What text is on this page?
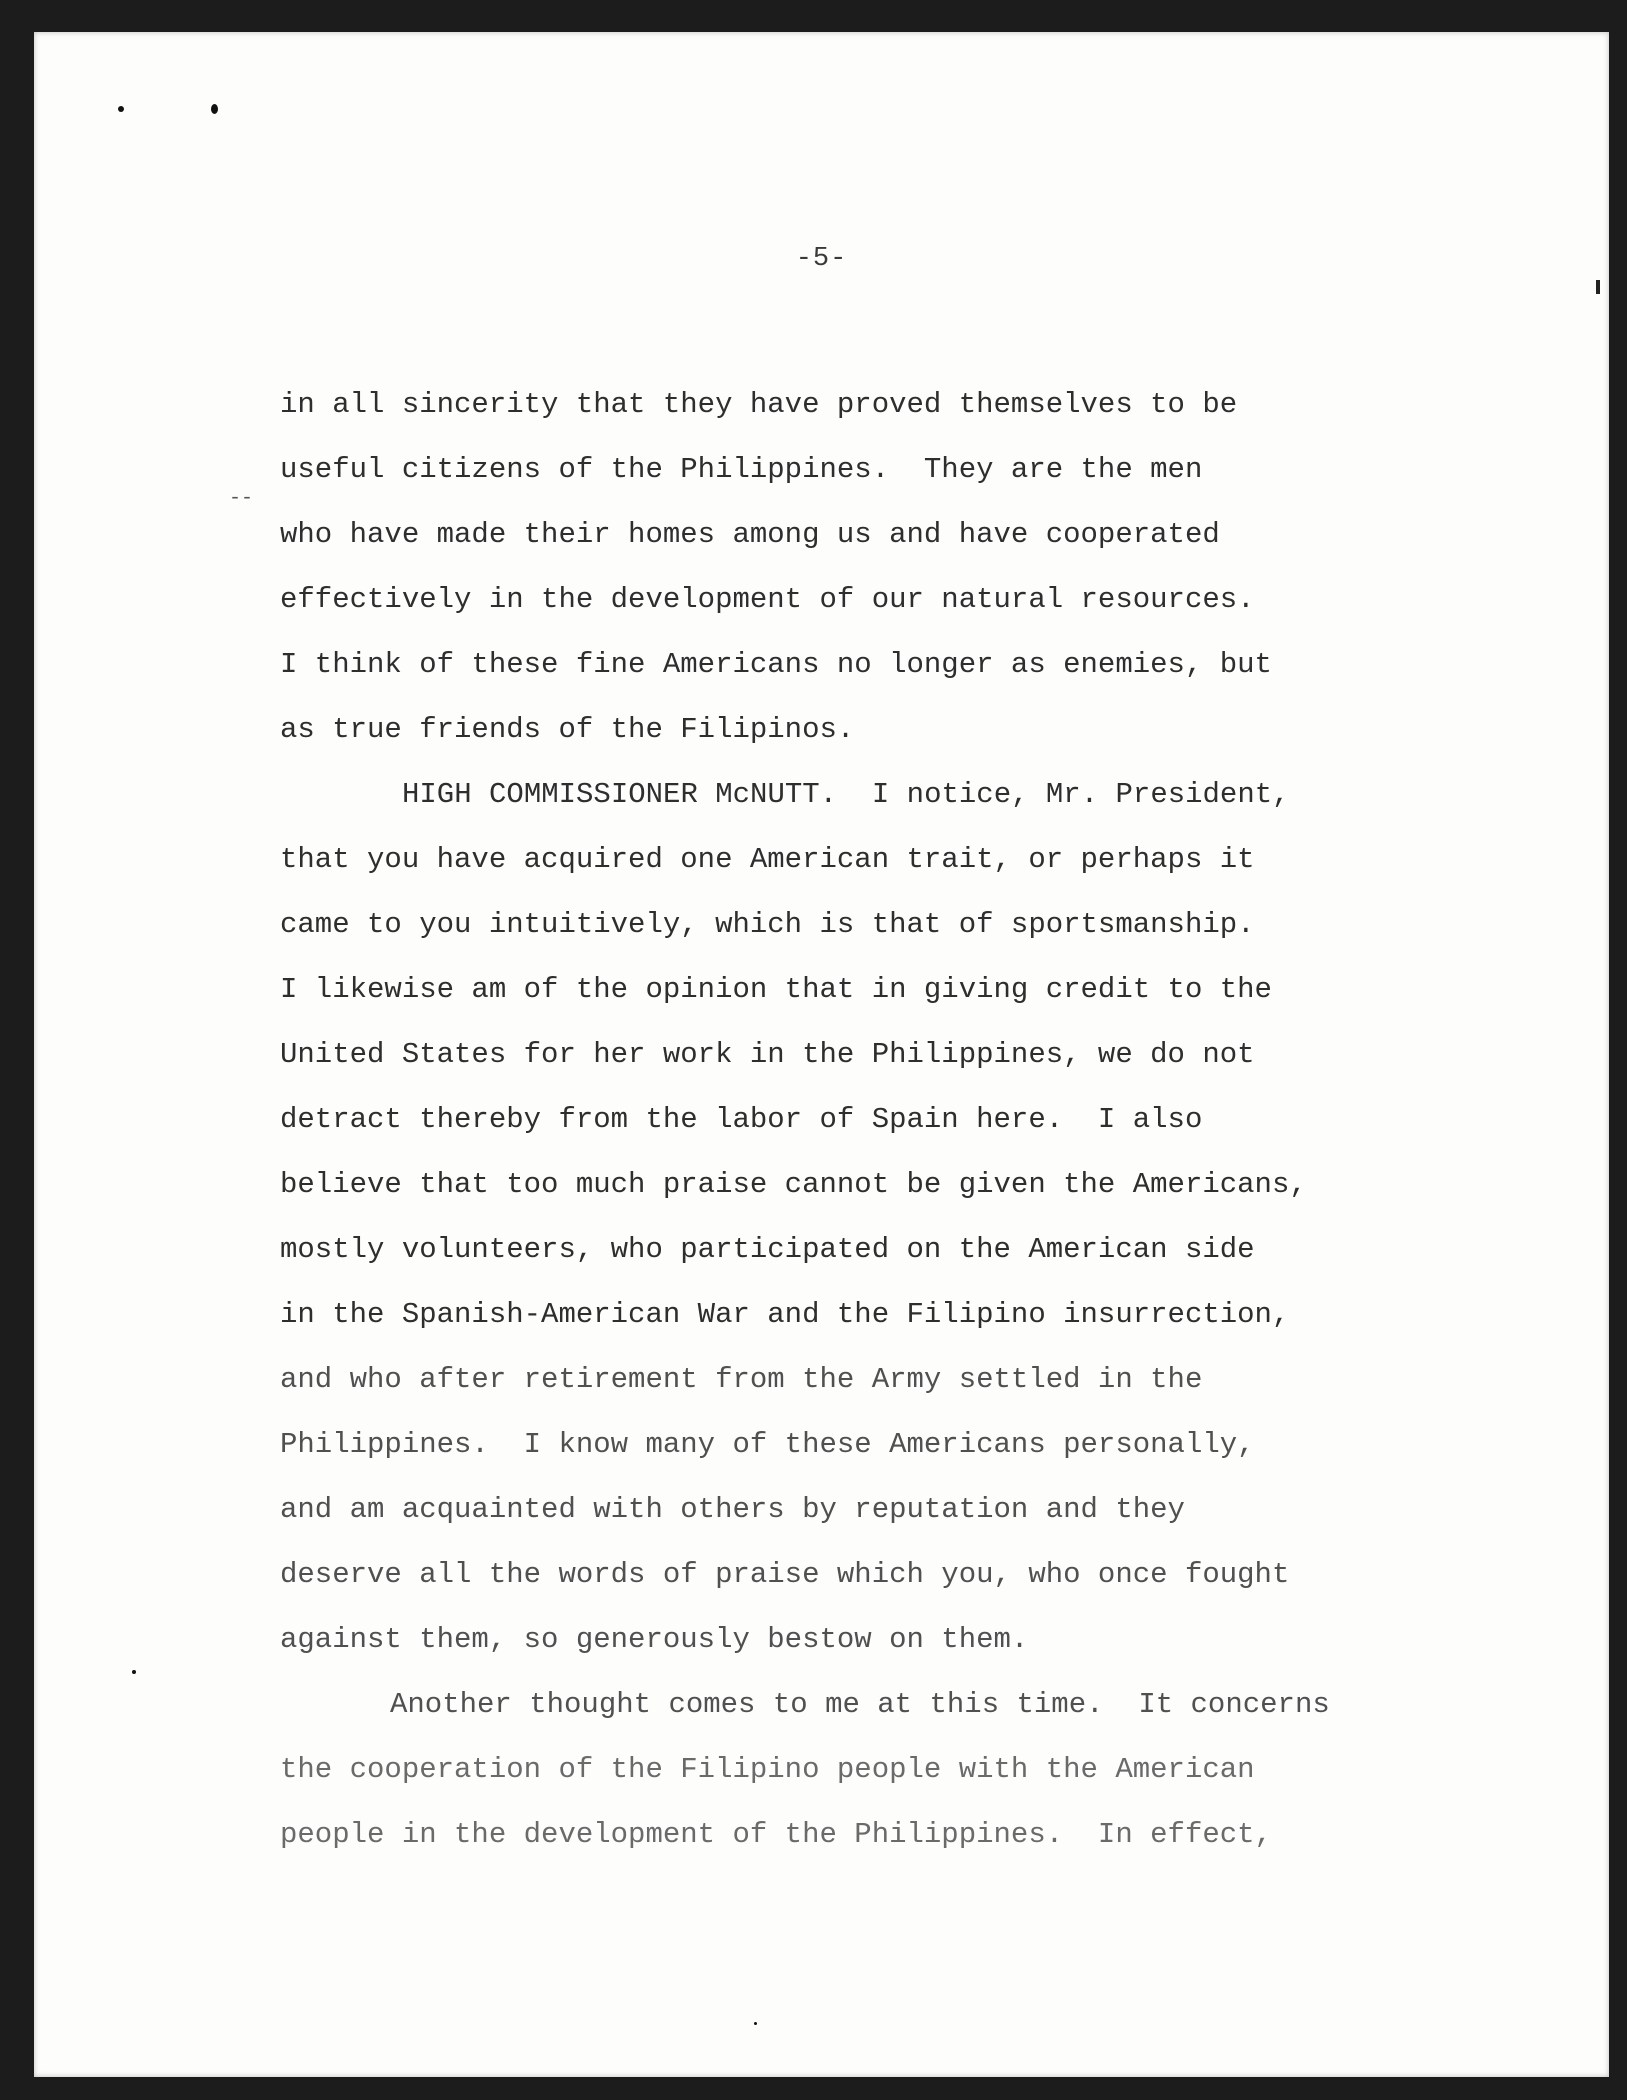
--
-5-
in all sincerity that they have proved themselves to be
useful citizens of the Philippines.  They are the men
who have made their homes among us and have cooperated
effectively in the development of our natural resources.
I think of these fine Americans no longer as enemies, but
as true friends of the Filipinos.
HIGH COMMISSIONER McNUTT.  I notice, Mr. President,
that you have acquired one American trait, or perhaps it
came to you intuitively, which is that of sportsmanship.
I likewise am of the opinion that in giving credit to the
United States for her work in the Philippines, we do not
detract thereby from the labor of Spain here.  I also
believe that too much praise cannot be given the Americans,
mostly volunteers, who participated on the American side
in the Spanish-American War and the Filipino insurrection,
and who after retirement from the Army settled in the
Philippines.  I know many of these Americans personally,
and am acquainted with others by reputation and they
deserve all the words of praise which you, who once fought
against them, so generously bestow on them.
Another thought comes to me at this time.  It concerns
the cooperation of the Filipino people with the American
people in the development of the Philippines.  In effect,
